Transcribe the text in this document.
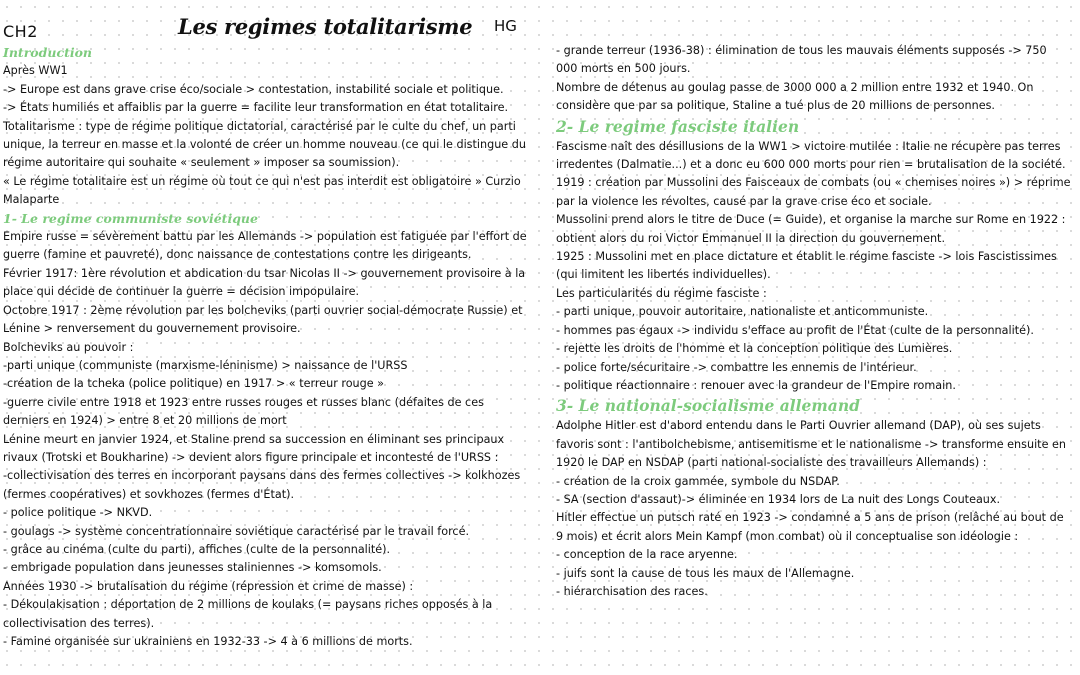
CH2	Les regimes totalitarisme HG

Introduction

Après WW1

-> Europe est dans grave crise éco/sociale > contestation, instabilité sociale et politique.

-> États humiliés et affaiblis par la guerre = facilite leur transformation en état totalitaire.

Totalitarisme : type de régime politique dictatorial, caractérisé par le culte du chef, un parti unique, la terreur en masse et la volonté de créer un homme nouveau (ce qui le distingue du régime autoritaire qui souhaite « seulement » imposer sa soumission).

« Le régime totalitaire est un régime où tout ce qui n'est pas interdit est obligatoire » Curzio Malaparte

1- Le regime communiste soviétique

Empire russe = sévèrement battu par les Allemands -> population est fatiguée par l'effort de guerre (famine et pauvreté), donc naissance de contestations contre les dirigeants.

Février 1917: 1ère révolution et abdication du tsar Nicolas II -> gouvernement provisoire à la place qui décide de continuer la guerre = décision impopulaire.

Octobre 1917 : 2ème révolution par les bolcheviks (parti ouvrier social-démocrate Russie) et Lénine > renversement du gouvernement provisoire.

Bolcheviks au pouvoir :

-parti unique (communiste (marxisme-léninisme) > naissance de l'URSS

-création de la tcheka (police politique) en 1917 > « terreur rouge »

-guerre civile entre 1918 et 1923 entre russes rouges et russes blanc (défaites de ces derniers en 1924) > entre 8 et 20 millions de mort

Lénine meurt en janvier 1924, et Staline prend sa succession en éliminant ses principaux rivaux (Trotski et Boukharine) -> devient alors figure principale et incontesté de l'URSS :

-collectivisation des terres en incorporant paysans dans des fermes collectives -> kolkhozes (fermes coopératives) et sovkhozes (fermes d'État).

- police politique -> NKVD.

- goulags -> système concentrationnaire soviétique caractérisé par le travail forcé.

- grâce au cinéma (culte du parti), affiches (culte de la personnalité).

- embrigade population dans jeunesses staliniennes -> komsomols.

Années 1930 -> brutalisation du régime (répression et crime de masse) :

- Dékoulakisation : déportation de 2 millions de koulaks (= paysans riches opposés à la collectivisation des terres).

- Famine organisée sur ukrainiens en 1932-33 -> 4 à 6 millions de morts.

- grande terreur (1936-38) : élimination de tous les mauvais éléments supposés -> 750 000 morts en 500 jours.

Nombre de détenus au goulag passe de 3000 000 a 2 million entre 1932 et 1940. On considère que par sa politique, Staline a tué plus de 20 millions de personnes.

2- Le regime fasciste italien

Fascisme naît des désillusions de la WW1 > victoire mutilée : Italie ne récupère pas terres irredentes (Dalmatie...) et a donc eu 600 000 morts pour rien = brutalisation de la société.

1919 : création par Mussolini des Faisceaux de combats (ou « chemises noires ») > réprime par la violence les révoltes, causé par la grave crise éco et sociale.

Mussolini prend alors le titre de Duce (= Guide), et organise la marche sur Rome en 1922 : obtient alors du roi Victor Emmanuel II la direction du gouvernement.

1925 : Mussolini met en place dictature et établit le régime fasciste -> lois Fascistissimes (qui limitent les libertés individuelles).

Les particularités du régime fasciste :

- parti unique, pouvoir autoritaire, nationaliste et anticommuniste.

- hommes pas égaux -> individu s'efface au profit de l'État (culte de la personnalité).

- rejette les droits de l'homme et la conception politique des Lumières.

- police forte/sécuritaire -> combattre les ennemis de l'intérieur.

- politique réactionnaire : renouer avec la grandeur de l'Empire romain.

3- Le national-socialisme allemand

Adolphe Hitler est d'abord entendu dans le Parti Ouvrier allemand (DAP), où ses sujets favoris sont : l'antibolchebisme, antisemitisme et le nationalisme -> transforme ensuite en 1920 le DAP en NSDAP (parti national-socialiste des travailleurs Allemands) :

- création de la croix gammée, symbole du NSDAP.

- SA (section d'assaut)-> éliminée en 1934 lors de La nuit des Longs Couteaux.

Hitler effectue un putsch raté en 1923 -> condamné a 5 ans de prison (relâché au bout de 9 mois) et écrit alors Mein Kampf (mon combat) où il conceptualise son idéologie :

- conception de la race aryenne.

- juifs sont la cause de tous les maux de l'Allemagne.

- hiérarchisation des races.
